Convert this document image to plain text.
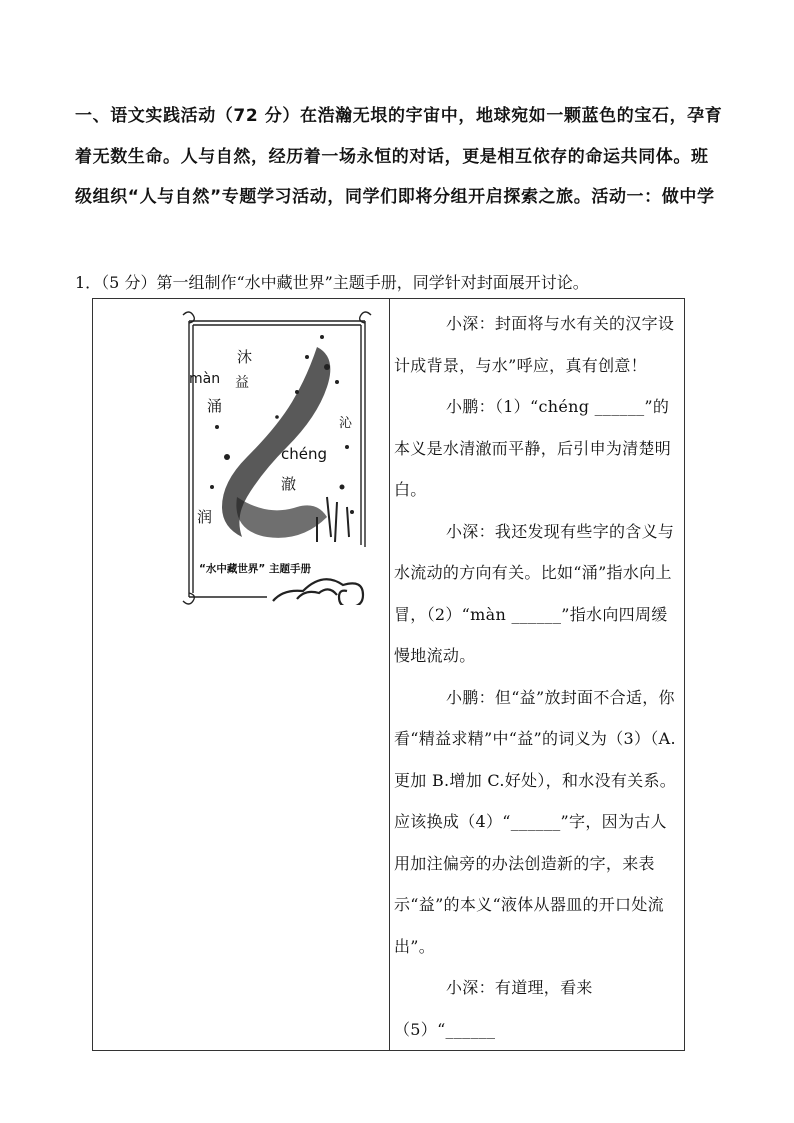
一、语文实践活动（72 分）在浩瀚无垠的宇宙中，地球宛如一颗蓝色的宝石，孕育着无数生命。人与自然，经历着一场永恒的对话，更是相互依存的命运共同体。班级组织“人与自然”专题学习活动，同学们即将分组开启探索之旅。活动一：做中学
1．（5 分）第一组制作“水中藏世界”主题手册，同学针对封面展开讨论。
沐
益
màn
涌
沁
chéng
澈
润
“水中藏世界” 主题手册

小深：封面将与水有关的汉字设计成背景，与水”呼应，真有创意！

小鹏：（1）“chéng ______”的本义是水清澈而平静，后引申为清楚明白。

小深：我还发现有些字的含义与水流动的方向有关。比如“涌”指水向上冒，（2）“màn ______”指水向四周缓慢地流动。

小鹏：但“益”放封面不合适，你看“精益求精”中“益”的词义为（3）（A.更加 B.增加 C.好处），和水没有关系。应该换成（4）“______”字，因为古人用加注偏旁的办法创造新的字，来表示“益”的本义“液体从器皿的开口处流出”。

小深：有道理，看来（5）“______
